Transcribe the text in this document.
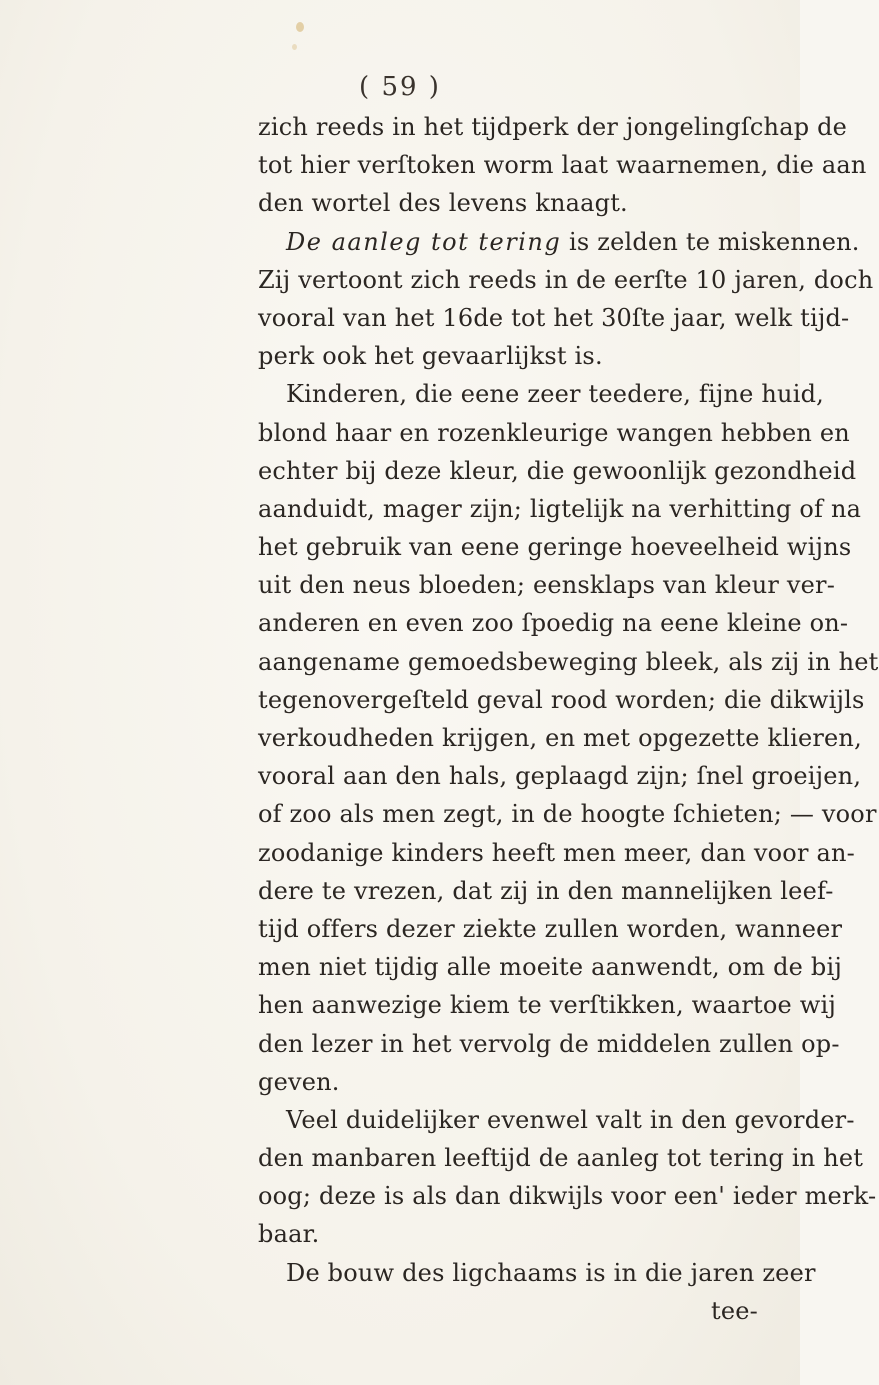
( 59 )
zich reeds in het tijdperk der jongelingſchap de
tot hier verſtoken worm laat waarnemen, die aan
den wortel des levens knaagt.
De aanleg tot tering is zelden te miskennen.
Zij vertoont zich reeds in de eerſte 10 jaren, doch
vooral van het 16de tot het 30ſte jaar, welk tijd-
perk ook het gevaarlijkst is.
Kinderen, die eene zeer teedere, fijne huid,
blond haar en rozenkleurige wangen hebben en
echter bij deze kleur, die gewoonlijk gezondheid
aanduidt, mager zijn; ligtelijk na verhitting of na
het gebruik van eene geringe hoeveelheid wijns
uit den neus bloeden; eensklaps van kleur ver-
anderen en even zoo ſpoedig na eene kleine on-
aangename gemoedsbeweging bleek, als zij in het
tegenovergeſteld geval rood worden; die dikwijls
verkoudheden krijgen, en met opgezette klieren,
vooral aan den hals, geplaagd zijn; ſnel groeijen,
of zoo als men zegt, in de hoogte ſchieten; — voor
zoodanige kinders heeft men meer, dan voor an-
dere te vrezen, dat zij in den mannelijken leef-
tijd offers dezer ziekte zullen worden, wanneer
men niet tijdig alle moeite aanwendt, om de bij
hen aanwezige kiem te verſtikken, waartoe wij
den lezer in het vervolg de middelen zullen op-
geven.
Veel duidelijker evenwel valt in den gevorder-
den manbaren leeftijd de aanleg tot tering in het
oog; deze is als dan dikwijls voor een' ieder merk-
baar.
De bouw des ligchaams is in die jaren zeer
tee-
